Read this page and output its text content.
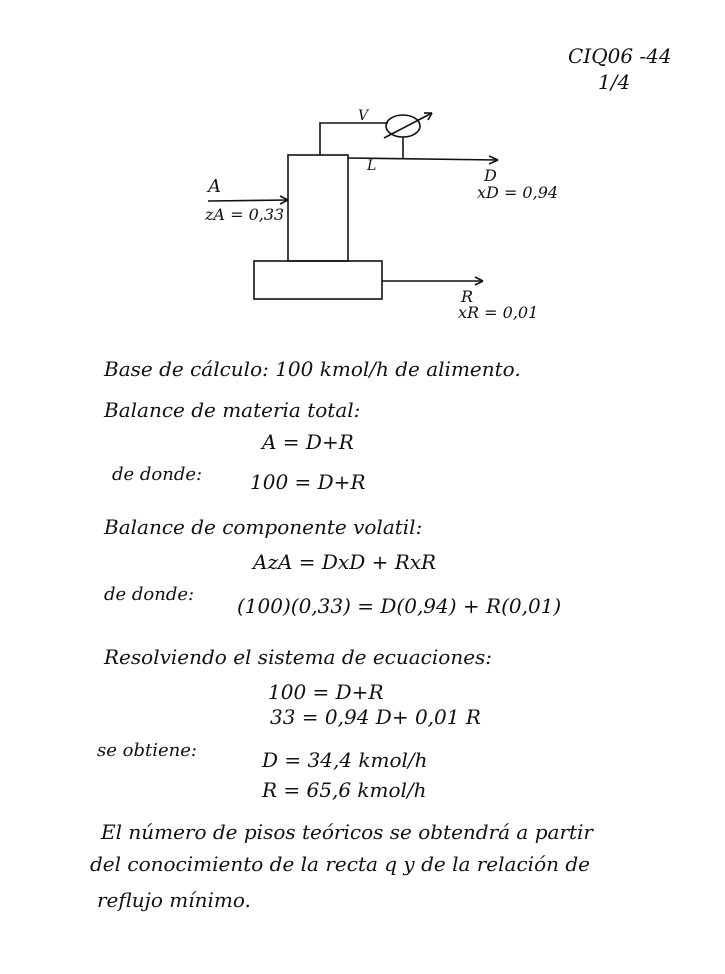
CIQ06 -44
1/4
V
L	D
xD = 0,94
A
zA = 0,33
R
xR = 0,01
Base de cálculo: 100 kmol/h de alimento.
Balance de materia total:
A = D+R
de donde: 100 = D+R
Balance de componente volatil:
AzA = DxD + RxR
de donde: (100)(0,33) = D(0,94) + R(0,01)
Resolviendo el sistema de ecuaciones:
100 = D+R
33 = 0,94 D+ 0,01 R
se obtiene:	D = 34,4 kmol/h
R = 65,6 kmol/h
El número de pisos teóricos se obtendrá a partir
del conocimiento de la recta q y de la relación de
reflujo mínimo.
